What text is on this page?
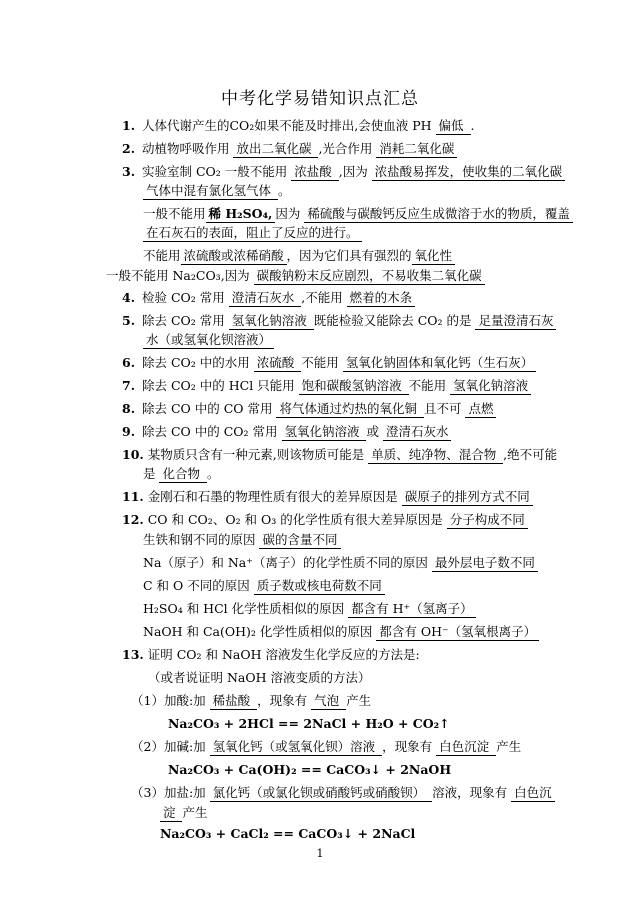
中考化学易错知识点汇总
1. 人体代谢产生的CO₂如果不能及时排出,会使血液 PH 偏低 .
2. 动植物呼吸作用 放出二氧化碳 ,光合作用 消耗二氧化碳
3. 实验室制 CO₂ 一般不能用 浓盐酸 ,因为 浓盐酸易挥发，使收集的二氧化碳
气体中混有氯化氢气体 。
一般不能用 稀 H₂SO₄, 因为 稀硫酸与碳酸钙反应生成微溶于水的物质，覆盖
在石灰石的表面，阻止了反应的进行。
不能用 浓硫酸或浓稀硝酸 ，因为它们具有强烈的 氧化性
一般不能用 Na₂CO₃,因为 碳酸钠粉末反应剧烈，不易收集二氧化碳
4. 检验 CO₂ 常用 澄清石灰水 ,不能用 燃着的木条
5. 除去 CO₂ 常用 氢氧化钠溶液 既能检验又能除去 CO₂ 的是 足量澄清石灰
水（或氢氧化钡溶液）
6. 除去 CO₂ 中的水用 浓硫酸 不能用 氢氧化钠固体和氧化钙（生石灰）
7. 除去 CO₂ 中的 HCl 只能用 饱和碳酸氢钠溶液 不能用 氢氧化钠溶液
8. 除去 CO 中的 CO 常用 将气体通过灼热的氧化铜 且不可 点燃
9. 除去 CO 中的 CO₂ 常用 氢氧化钠溶液 或 澄清石灰水
10. 某物质只含有一种元素,则该物质可能是 单质、纯净物、混合物 ,绝不可能
是 化合物 。
11. 金刚石和石墨的物理性质有很大的差异原因是 碳原子的排列方式不同
12. CO 和 CO₂、O₂ 和 O₃ 的化学性质有很大差异原因是 分子构成不同
生铁和钢不同的原因 碳的含量不同
Na（原子）和 Na⁺（离子）的化学性质不同的原因 最外层电子数不同
C 和 O 不同的原因 质子数或核电荷数不同
H₂SO₄ 和 HCl 化学性质相似的原因 都含有 H⁺（氢离子）
NaOH 和 Ca(OH)₂ 化学性质相似的原因 都含有 OH⁻（氢氧根离子）
13. 证明 CO₂ 和 NaOH 溶液发生化学反应的方法是:
（或者说证明 NaOH 溶液变质的方法）
（1）加酸:加 稀盐酸 ，现象有 气泡 产生
Na₂CO₃ + 2HCl == 2NaCl + H₂O + CO₂↑
（2）加碱:加 氢氧化钙（或氢氧化钡）溶液 ，现象有 白色沉淀 产生
Na₂CO₃ + Ca(OH)₂ == CaCO₃↓ + 2NaOH
（3）加盐:加 氯化钙（或氯化钡或硝酸钙或硝酸钡） 溶液，现象有 白色沉
淀 产生
Na₂CO₃ + CaCl₂ == CaCO₃↓ + 2NaCl
1
